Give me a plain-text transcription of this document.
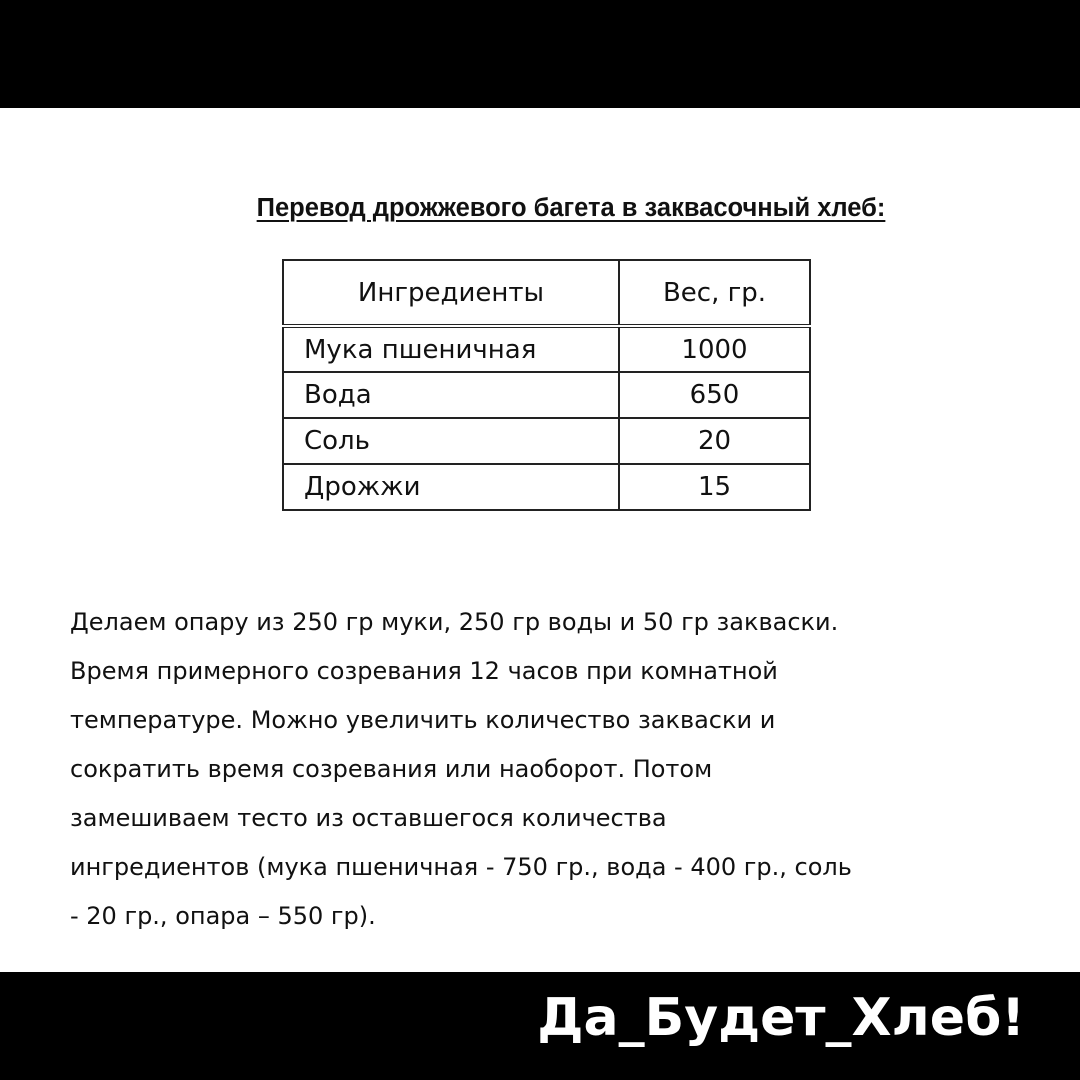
Перевод дрожжевого багета в заквасочный хлеб:
Ингредиенты	Вес, гр.
Мука пшеничная	1000
Вода	650
Соль	20
Дрожжи	15

Делаем опару из 250 гр муки, 250 гр воды и 50 гр закваски.
Время примерного созревания 12 часов при комнатной
температуре. Можно увеличить количество закваски и
сократить время созревания или наоборот. Потом
замешиваем тесто из оставшегося количества
ингредиентов (мука пшеничная - 750 гр., вода - 400 гр., соль
- 20 гр., опара – 550 гр).

Да_Будет_Хлеб!
